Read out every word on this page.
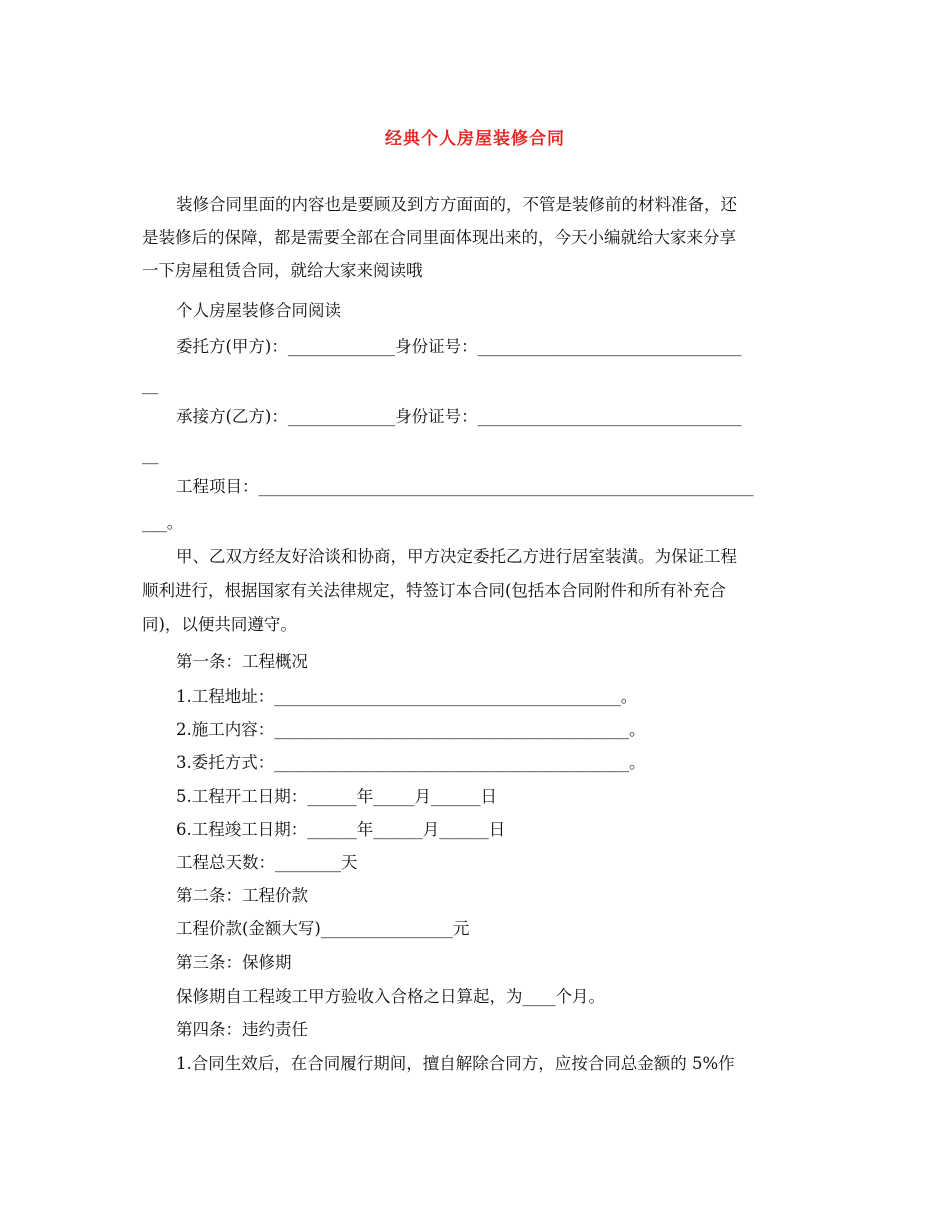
经典个人房屋装修合同
装修合同里面的内容也是要顾及到方方面面的，不管是装修前的材料准备，还
是装修后的保障，都是需要全部在合同里面体现出来的，今天小编就给大家来分享
一下房屋租赁合同，就给大家来阅读哦
个人房屋装修合同阅读
委托方(甲方)：_____________身份证号：________________________________
__
承接方(乙方)：_____________身份证号：________________________________
__
工程项目：____________________________________________________________
___。
甲、乙双方经友好洽谈和协商，甲方决定委托乙方进行居室装潢。为保证工程
顺利进行，根据国家有关法律规定，特签订本合同(包括本合同附件和所有补充合
同)，以便共同遵守。
第一条：工程概况
1.工程地址：__________________________________________。
2.施工内容：___________________________________________。
3.委托方式：___________________________________________。
5.工程开工日期：______年_____月______日
6.工程竣工日期：______年______月______日
工程总天数：________天
第二条：工程价款
工程价款(金额大写)________________元
第三条：保修期
保修期自工程竣工甲方验收入合格之日算起，为____个月。
第四条：违约责任
1.合同生效后，在合同履行期间，擅自解除合同方，应按合同总金额的 5%作
